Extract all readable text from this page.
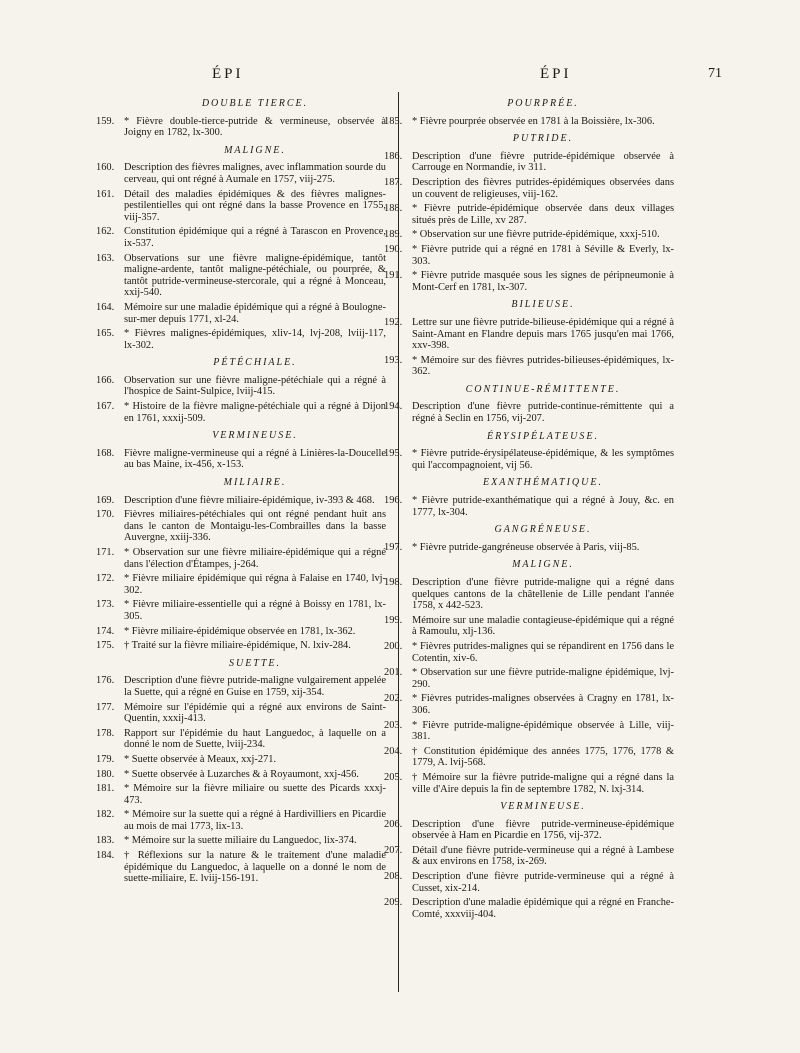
ÉPI	ÉPI	71
DOUBLE TIERCE.
159. * Fièvre double-tierce-putride & vermineuse, observée à Joigny en 1782, lx-300.
MALIGNE.
160. Description des fièvres malignes, avec inflammation sourde du cerveau, qui ont régné à Aumale en 1757, viij-275.
161. Détail des maladies épidémiques & des fièvres malignes-pestilentielles qui ont régné dans la basse Provence en 1755, viij-357.
162. Constitution épidémique qui a régné à Tarascon en Provence, ix-537.
163. Observations sur une fièvre maligne-épidémique, tantôt maligne-ardente, tantôt maligne-pétéchiale, ou pourprée, & tantôt putride-vermineuse-stercorale, qui a régné à Monceau, xxij-540.
164. Mémoire sur une maladie épidémique qui a régné à Boulogne-sur-mer depuis 1771, xl-24.
165. * Fièvres malignes-épidémiques, xliv-14, lvj-208, lviij-117, lx-302.
PÉTÉCHIALE.
166. Observation sur une fièvre maligne-pétéchiale qui a régné à l'hospice de Saint-Sulpice, lviij-415.
167. * Histoire de la fièvre maligne-pétéchiale qui a régné à Dijon en 1761, xxxij-509.
VERMINEUSE.
168. Fièvre maligne-vermineuse qui a régné à Linières-la-Doucelle au bas Maine, ix-456, x-153.
MILIAIRE.
169. Description d'une fièvre miliaire-épidémique, iv-393 & 468.
170. Fièvres miliaires-pétéchiales qui ont régné pendant huit ans dans le canton de Montaigu-les-Combrailles dans la basse Auvergne, xxiij-336.
171. * Observation sur une fièvre miliaire-épidémique qui a régné dans l'élection d'Étampes, j-264.
172. * Fièvre miliaire épidémique qui régna à Falaise en 1740, lvj-302.
173. * Fièvre miliaire-essentielle qui a régné à Boissy en 1781, lx-305.
174. * Fièvre miliaire-épidémique observée en 1781, lx-362.
175. † Traité sur la fièvre miliaire-épidémique, N. lxiv-284.
SUETTE.
176. Description d'une fièvre putride-maligne vulgairement appelée la Suette, qui a régné en Guise en 1759, xij-354.
177. Mémoire sur l'épidémie qui a régné aux environs de Saint-Quentin, xxxij-413.
178. Rapport sur l'épidémie du haut Languedoc, à laquelle on a donné le nom de Suette, lviij-234.
179. * Suette observée à Meaux, xxj-271.
180. * Suette observée à Luzarches & à Royaumont, xxj-456.
181. * Mémoire sur la fièvre miliaire ou suette des Picards xxxj-473.
182. * Mémoire sur la suette qui a régné à Hardivilliers en Picardie au mois de mai 1773, lix-13.
183. * Mémoire sur la suette miliaire du Languedoc, lix-374.
184. † Réflexions sur la nature & le traitement d'une maladie épidémique du Languedoc, à laquelle on a donné le nom de suette-miliaire, E. lviij-156-191.
POURPRÉE.
185. * Fièvre pourprée observée en 1781 à la Boissière, lx-306.
PUTRIDE.
186. Description d'une fièvre putride-épidémique observée à Carrouge en Normandie, iv 311.
187. Description des fièvres putrides-épidémiques observées dans un couvent de religieuses, viij-162.
188. * Fièvre putride-épidémique observée dans deux villages situés près de Lille, xv 287.
189. * Observation sur une fièvre putride-épidémique, xxxj-510.
190. * Fièvre putride qui a régné en 1781 à Séville & Everly, lx-303.
191. * Fièvre putride masquée sous les signes de péripneumonie à Mont-Cerf en 1781, lx-307.
BILIEUSE.
192. Lettre sur une fièvre putride-bilieuse-épidémique qui a régné à Saint-Amant en Flandre depuis mars 1765 jusqu'en mai 1766, xxv-398.
193. * Mémoire sur des fièvres putrides-bilieuses-épidémiques, lx-362.
CONTINUE-RÉMITTENTE.
194. Description d'une fièvre putride-continue-rémittente qui a régné à Seclin en 1756, vij-207.
ÉRYSIPÉLATEUSE.
195. * Fièvre putride-érysipélateuse-épidémique, & les symptômes qui l'accompagnoient, vij 56.
EXANTHÉMATIQUE.
196. * Fièvre putride-exanthématique qui a régné à Jouy, &c. en 1777, lx-304.
GANGRÉNEUSE.
197. * Fièvre putride-gangréneuse observée à Paris, viij-85.
MALIGNE.
198. Description d'une fièvre putride-maligne qui a régné dans quelques cantons de la châtellenie de Lille pendant l'année 1758, x 442-523.
199. Mémoire sur une maladie contagieuse-épidémique qui a régné à Ramoulu, xlj-136.
200. * Fièvres putrides-malignes qui se répandirent en 1756 dans le Cotentin, xiv-6.
201. * Observation sur une fièvre putride-maligne épidémique, lvj-290.
202. * Fièvres putrides-malignes observées à Cragny en 1781, lx-306.
203. * Fièvre putride-maligne-épidémique observée à Lille, viij-381.
204. † Constitution épidémique des années 1775, 1776, 1778 & 1779, A. lvij-568.
205. † Mémoire sur la fièvre putride-maligne qui a régné dans la ville d'Aire depuis la fin de septembre 1782, N. lxj-314.
VERMINEUSE.
206. Description d'une fièvre putride-vermineuse-épidémique observée à Ham en Picardie en 1756, vij-372.
207. Détail d'une fièvre putride-vermineuse qui a régné à Lambese & aux environs en 1758, ix-269.
208. Description d'une fièvre putride-vermineuse qui a régné à Cusset, xix-214.
209. Description d'une maladie épidémique qui a régné en Franche-Comté, xxxviij-404.
